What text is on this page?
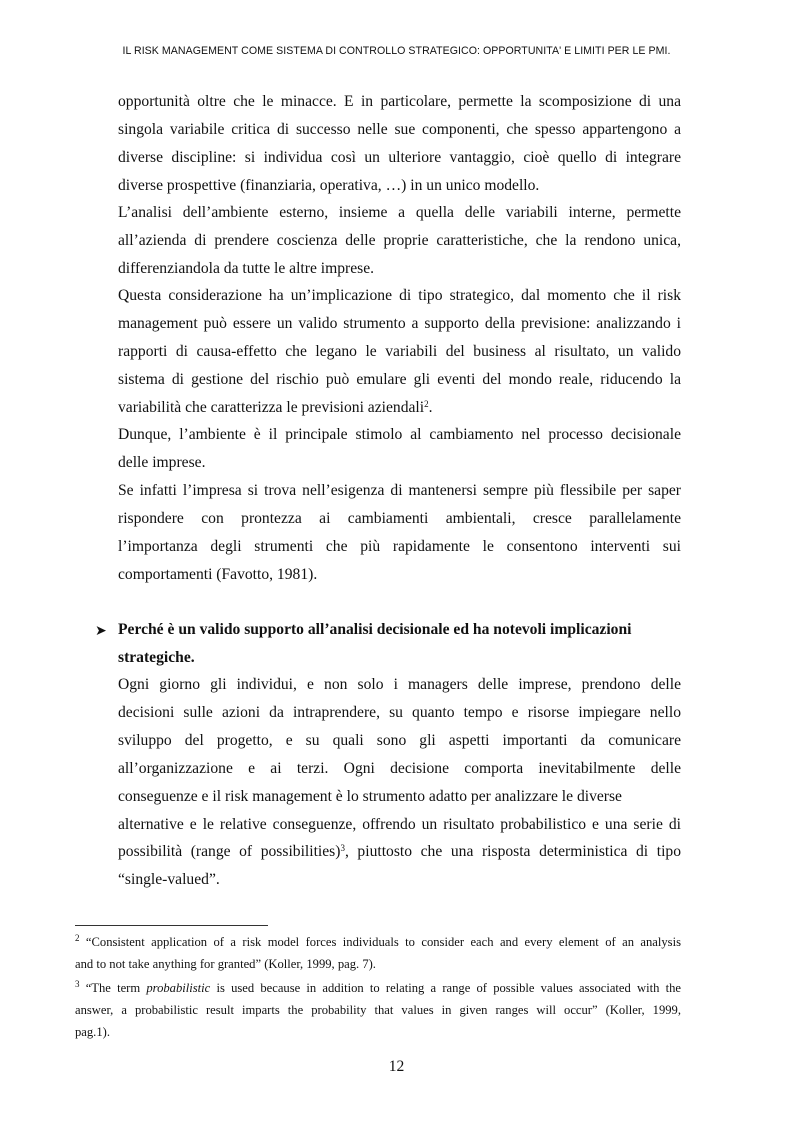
IL RISK MANAGEMENT COME SISTEMA DI CONTROLLO STRATEGICO: OPPORTUNITA' E LIMITI PER LE PMI.
opportunità oltre che le minacce. E in particolare, permette la scomposizione di una
singola variabile critica di successo nelle sue componenti, che spesso appartengono a
diverse discipline: si individua così un ulteriore vantaggio, cioè quello di integrare
diverse prospettive (finanziaria, operativa, …) in un unico modello.
L’analisi dell’ambiente esterno, insieme a quella delle variabili interne, permette
all’azienda di prendere coscienza delle proprie caratteristiche, che la rendono unica,
differenziandola da tutte le altre imprese.
Questa considerazione ha un’implicazione di tipo strategico, dal momento che il risk
management può essere un valido strumento a supporto della previsione: analizzando i
rapporti di causa-effetto che legano le variabili del business al risultato, un valido
sistema di gestione del rischio può emulare gli eventi del mondo reale, riducendo la
variabilità che caratterizza le previsioni aziendali$^2$.
Dunque, l’ambiente è il principale stimolo al cambiamento nel processo decisionale
delle imprese.
Se infatti l’impresa si trova nell’esigenza di mantenersi sempre più flessibile per saper
rispondere con prontezza ai cambiamenti ambientali, cresce parallelamente
l’importanza degli strumenti che più rapidamente le consentono interventi sui
comportamenti (Favotto, 1981).
➤ Perché è un valido supporto all’analisi decisionale ed ha notevoli implicazioni
strategiche.
Ogni giorno gli individui, e non solo i managers delle imprese, prendono delle
decisioni sulle azioni da intraprendere, su quanto tempo e risorse impiegare nello
sviluppo del progetto, e su quali sono gli aspetti importanti da comunicare
all’organizzazione e ai terzi. Ogni decisione comporta inevitabilmente delle
conseguenze e il risk management è lo strumento adatto per analizzare le diverse
alternative e le relative conseguenze, offrendo un risultato probabilistico e una serie di
possibilità (range of possibilities)$^3$, piuttosto che una risposta deterministica di tipo
“single-valued”.
$^2$ “Consistent application of a risk model forces individuals to consider each and every element of an analysis
and to not take anything for granted” (Koller, 1999, pag. 7).
$^3$ “The term probabilistic is used because in addition to relating a range of possible values associated with the
answer, a probabilistic result imparts the probability that values in given ranges will occur” (Koller, 1999,
pag.1).
12
